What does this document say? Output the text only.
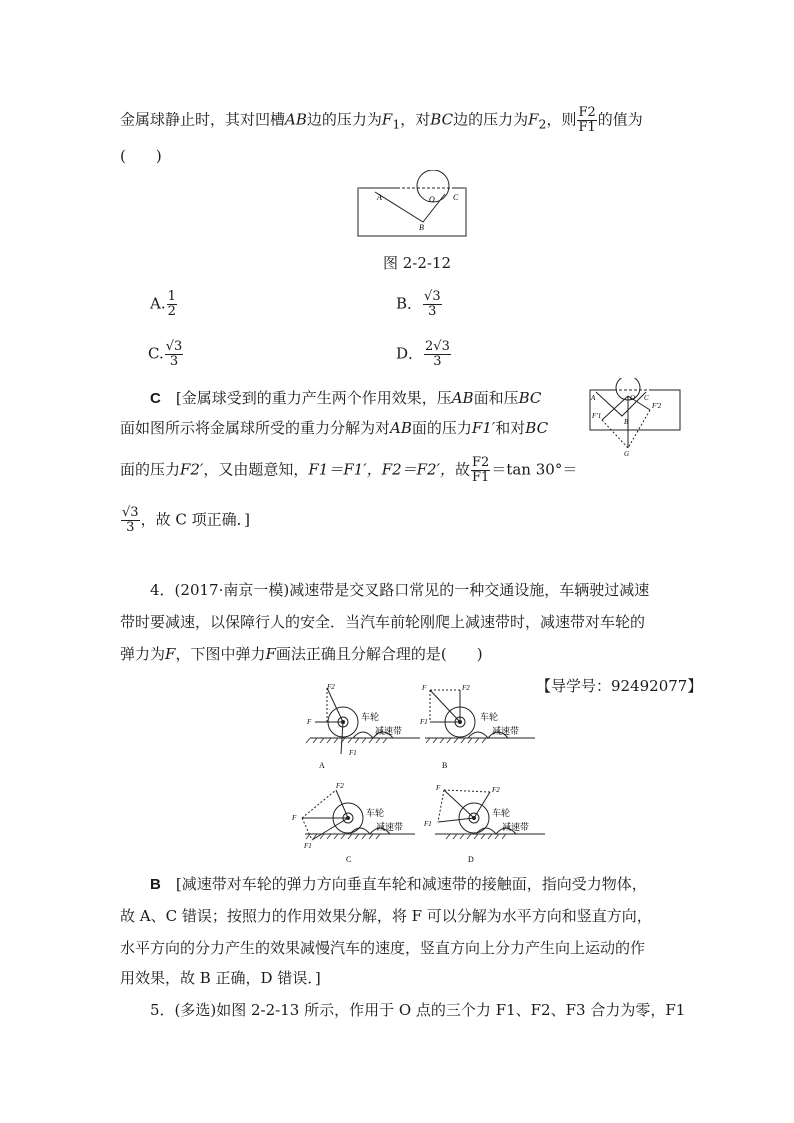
金属球静止时，其对凹槽AB边的压力为$F_1$，对BC边的压力为$F_2$，则 $\frac{F2}{F1}$ 的值为
(　　)
A	O C
B
图 2-2-12
A. $\frac{1}{2}$	B． $\frac{√3}{3}$
C. $\frac{√3}{3}$	D． $\frac{2√3}{3}$
C　 [金属球受到的重力产生两个作用效果，压AB面和压BC
面如图所示将金属球所受的重力分解为对AB面的压力F1′和对BC
面的压力F2′，又由题意知，F1＝F1′，F2＝F2′，故 $\frac{F2}{F1} =\tan$ 30°＝
$\frac{√3}{3}$ ，故 C 项正确．]
A	O C
B
F′1
F′2
G
4．(2017·南京一模)减速带是交叉路口常见的一种交通设施，车辆驶过减速
带时要减速，以保障行人的安全．当汽车前轮刚爬上减速带时，减速带对车轮的
弹力为F，下图中弹力F画法正确且分解合理的是(　　)
【导学号：92492077】
F2
F
F1
车轮
减速带
A
F	F2
F1	车轮
减速带
B
F2
F
F1
车轮
减速带
C
F	F2
F1
车轮
减速带
D
B　 [减速带对车轮的弹力方向垂直车轮和减速带的接触面，指向受力物体，
故 A、C 错误；按照力的作用效果分解，将 F 可以分解为水平方向和竖直方向，
水平方向的分力产生的效果减慢汽车的速度，竖直方向上分力产生向上运动的作
用效果，故 B 正确，D 错误．]
5．(多选)如图 2-2-13 所示，作用于 O 点的三个力 F1、F2、F3 合力为零，F1
